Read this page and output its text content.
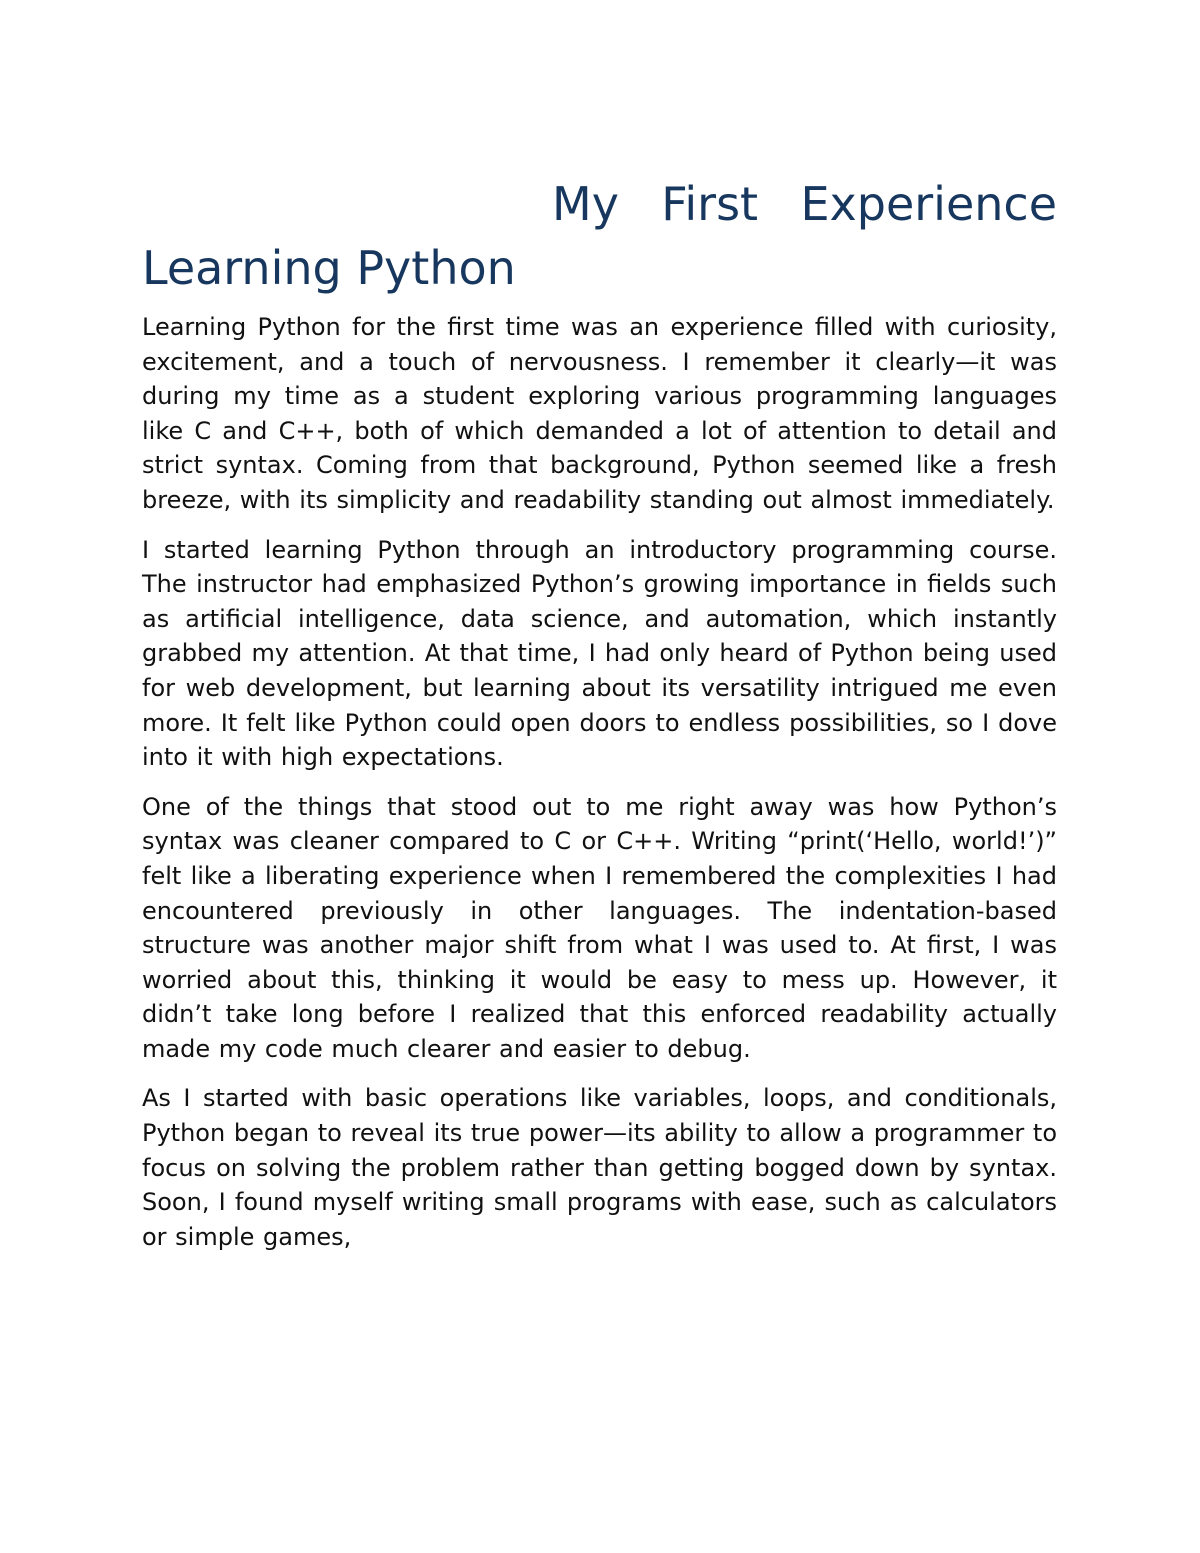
My First Experience Learning Python

Learning Python for the first time was an experience filled with curiosity, excitement, and a touch of nervousness. I remember it clearly—it was during my time as a student exploring various programming languages like C and C++, both of which demanded a lot of attention to detail and strict syntax. Coming from that background, Python seemed like a fresh breeze, with its simplicity and readability standing out almost immediately.

I started learning Python through an introductory programming course. The instructor had emphasized Python’s growing importance in fields such as artificial intelligence, data science, and automation, which instantly grabbed my attention. At that time, I had only heard of Python being used for web development, but learning about its versatility intrigued me even more. It felt like Python could open doors to endless possibilities, so I dove into it with high expectations.

One of the things that stood out to me right away was how Python’s syntax was cleaner compared to C or C++. Writing “print(‘Hello, world!’)” felt like a liberating experience when I remembered the complexities I had encountered previously in other languages. The indentation-based structure was another major shift from what I was used to. At first, I was worried about this, thinking it would be easy to mess up. However, it didn’t take long before I realized that this enforced readability actually made my code much clearer and easier to debug.

As I started with basic operations like variables, loops, and conditionals, Python began to reveal its true power—its ability to allow a programmer to focus on solving the problem rather than getting bogged down by syntax. Soon, I found myself writing small programs with ease, such as calculators or simple games,
